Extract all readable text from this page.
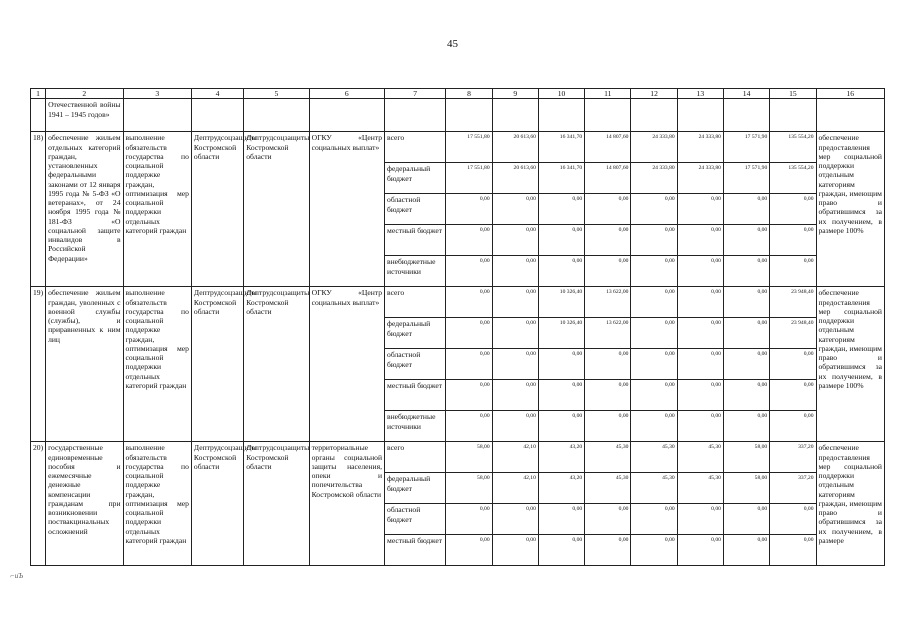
45
1	2	3	4	5	6	7	8	9	10	11	12	13	14	15	16
	Отечественной войны 1941 – 1945 годов»														
18)	обеспечение жильем отдельных категорий граждан, установленных федеральными законами от 12 января 1995 года № 5-ФЗ «О ветеранах», от 24 ноября 1995 года № 181-ФЗ «О социальной защите инвалидов в Российской Федерации»	выполнение обязательств государства по социальной поддержке граждан, оптимизация мер социальной поддержки отдельных категорий граждан	Дептрудсоцзащиты Костромской области	Дептрудсоцзащиты Костромской области	ОГКУ «Центр социальных выплат»	всего	17 551,80	20 613,60	16 341,70	14 807,60	24 333,80	24 333,80	17 571,90	135 554,20	обеспечение предоставления мер социальной поддержки отдельным категориям граждан, имеющим право и обратившимся за их получением, в размере 100%
						федеральный бюджет	17 551,80	20 613,60	16 341,70	14 807,60	24 333,80	24 333,80	17 571,90	135 554,20	
						областной бюджет	0,00	0,00	0,00	0,00	0,00	0,00	0,00	0,00	
						местный бюджет	0,00	0,00	0,00	0,00	0,00	0,00	0,00	0,00	
						внебюджетные источники	0,00	0,00	0,00	0,00	0,00	0,00	0,00	0,00	
19)	обеспечение жильем граждан, уволенных с военной службы (службы), и приравненных к ним лиц	выполнение обязательств государства по социальной поддержке граждан, оптимизация мер социальной поддержки отдельных категорий граждан	Дептрудсоцзащиты Костромской области	Дептрудсоцзащиты Костромской области	ОГКУ «Центр социальных выплат»	всего	0,00	0,00	10 326,40	13 622,00	0,00	0,00	0,00	23 948,40	обеспечение предоставления мер социальной поддержки отдельным категориям граждан, имеющим право и обратившимся за их получением, в размере 100%
						федеральный бюджет	0,00	0,00	10 326,40	13 622,00	0,00	0,00	0,00	23 948,40	
						областной бюджет	0,00	0,00	0,00	0,00	0,00	0,00	0,00	0,00	
						местный бюджет	0,00	0,00	0,00	0,00	0,00	0,00	0,00	0,00	
						внебюджетные источники	0,00	0,00	0,00	0,00	0,00	0,00	0,00	0,00	
20)	государственные единовременные пособия и ежемесячные денежные компенсации гражданам при возникновении поствакцинальных осложнений	выполнение обязательств государства по социальной поддержке граждан, оптимизация мер социальной поддержки отдельных категорий граждан	Дептрудсоцзащиты Костромской области	Дептрудсоцзащиты Костромской области	территориальные органы социальной защиты населения, опеки и попечительства Костромской области	всего	58,00	42,10	43,20	45,30	45,30	45,30	58,00	337,20	обеспечение предоставления мер социальной поддержки отдельным категориям граждан, имеющим право и обратившимся за их получением, в размере
						федеральный бюджет	58,00	42,10	43,20	45,30	45,30	45,30	58,00	337,20	
						областной бюджет	0,00	0,00	0,00	0,00	0,00	0,00	0,00	0,00	
						местный бюджет	0,00	0,00	0,00	0,00	0,00	0,00	0,00	0,00	
⌐иЪ
